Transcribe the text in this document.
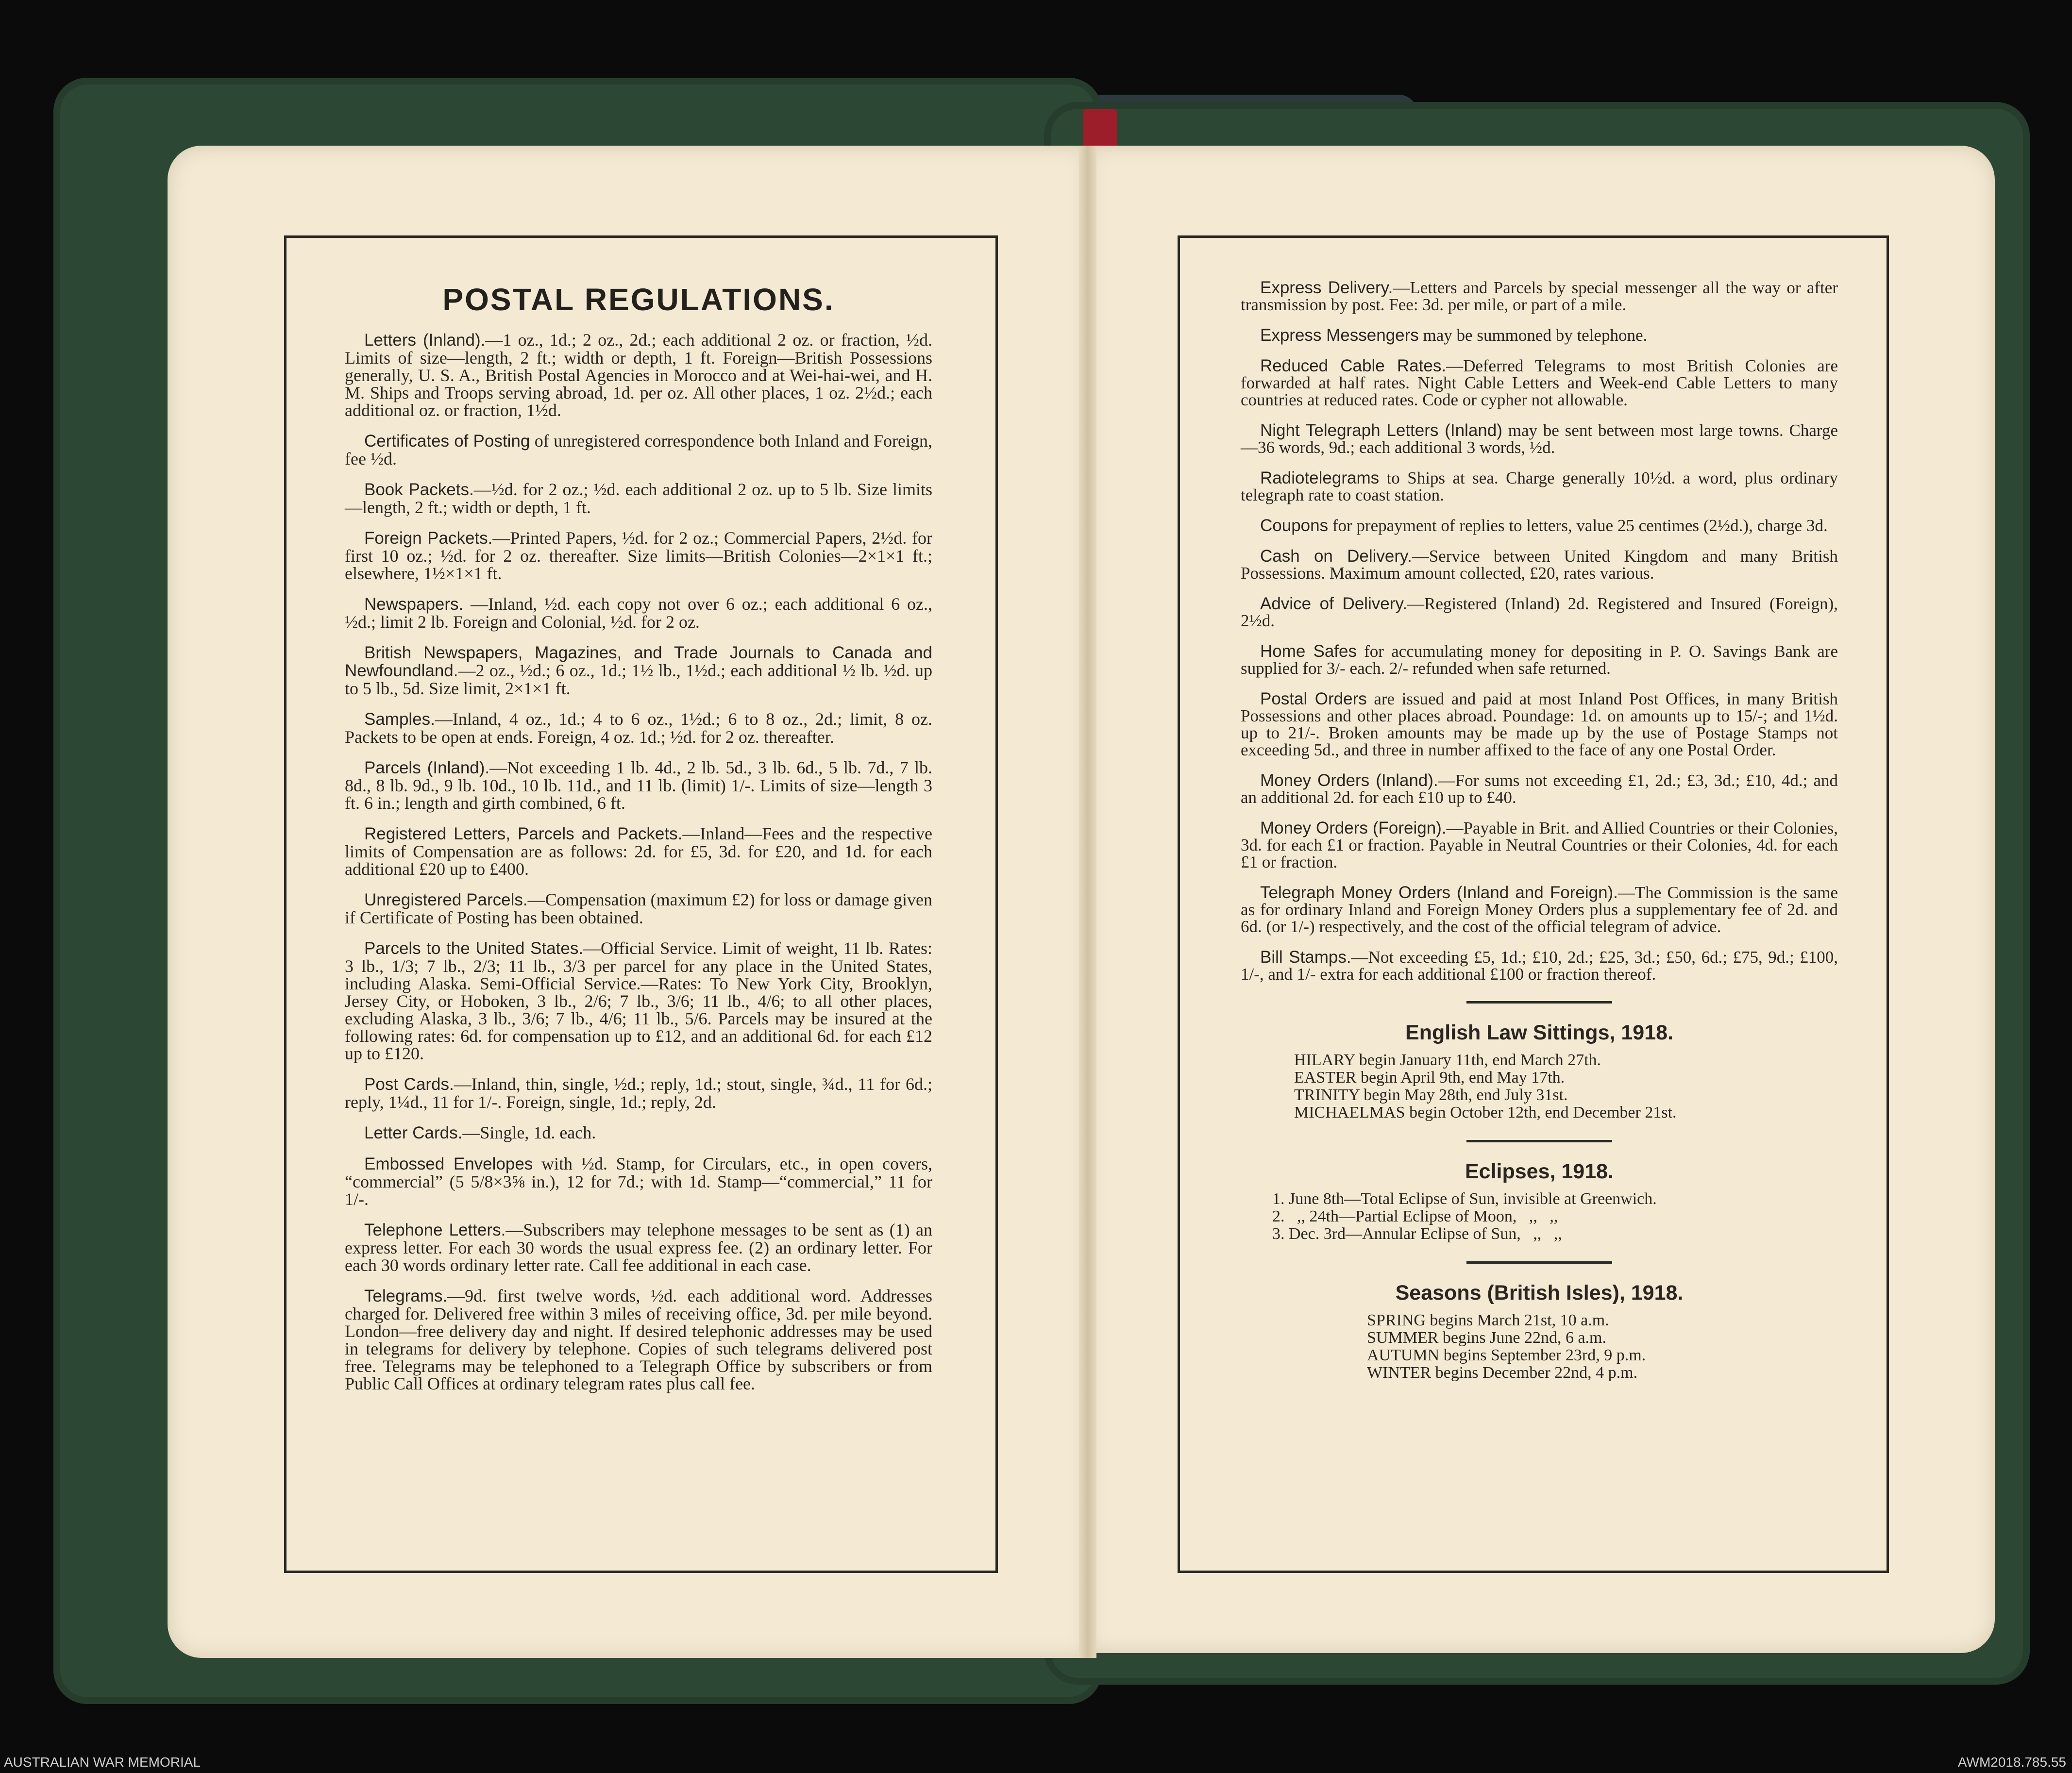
POSTAL REGULATIONS.

Letters (Inland).—1 oz., 1d.; 2 oz., 2d.; each additional 2 oz. or fraction, ½d. Limits of size—length, 2 ft.; width or depth, 1 ft. Foreign—British Possessions generally, U. S. A., British Postal Agencies in Morocco and at Wei-hai-wei, and H. M. Ships and Troops serving abroad, 1d. per oz. All other places, 1 oz. 2½d.; each additional oz. or fraction, 1½d.

Certificates of Posting of unregistered correspondence both Inland and Foreign, fee ½d.

Book Packets.—½d. for 2 oz.; ½d. each additional 2 oz. up to 5 lb. Size limits—length, 2 ft.; width or depth, 1 ft.

Foreign Packets.—Printed Papers, ½d. for 2 oz.; Commercial Papers, 2½d. for first 10 oz.; ½d. for 2 oz. thereafter. Size limits—British Colonies—2×1×1 ft.; elsewhere, 1½×1×1 ft.

Newspapers. —Inland, ½d. each copy not over 6 oz.; each additional 6 oz., ½d.; limit 2 lb. Foreign and Colonial, ½d. for 2 oz.

British Newspapers, Magazines, and Trade Journals to Canada and Newfoundland.—2 oz., ½d.; 6 oz., 1d.; 1½ lb., 1½d.; each additional ½ lb. ½d. up to 5 lb., 5d. Size limit, 2×1×1 ft.

Samples.—Inland, 4 oz., 1d.; 4 to 6 oz., 1½d.; 6 to 8 oz., 2d.; limit, 8 oz. Packets to be open at ends. Foreign, 4 oz. 1d.; ½d. for 2 oz. thereafter.

Parcels (Inland).—Not exceeding 1 lb. 4d., 2 lb. 5d., 3 lb. 6d., 5 lb. 7d., 7 lb. 8d., 8 lb. 9d., 9 lb. 10d., 10 lb. 11d., and 11 lb. (limit) 1/-. Limits of size—length 3 ft. 6 in.; length and girth combined, 6 ft.

Registered Letters, Parcels and Packets.—Inland—Fees and the respective limits of Compensation are as follows: 2d. for £5, 3d. for £20, and 1d. for each additional £20 up to £400.

Unregistered Parcels.—Compensation (maximum £2) for loss or damage given if Certificate of Posting has been obtained.

Parcels to the United States.—Official Service. Limit of weight, 11 lb. Rates: 3 lb., 1/3; 7 lb., 2/3; 11 lb., 3/3 per parcel for any place in the United States, including Alaska. Semi-Official Service.—Rates: To New York City, Brooklyn, Jersey City, or Hoboken, 3 lb., 2/6; 7 lb., 3/6; 11 lb., 4/6; to all other places, excluding Alaska, 3 lb., 3/6; 7 lb., 4/6; 11 lb., 5/6. Parcels may be insured at the following rates: 6d. for compensation up to £12, and an additional 6d. for each £12 up to £120.

Post Cards.—Inland, thin, single, ½d.; reply, 1d.; stout, single, ¾d., 11 for 6d.; reply, 1¼d., 11 for 1/-. Foreign, single, 1d.; reply, 2d.

Letter Cards.—Single, 1d. each.

Embossed Envelopes with ½d. Stamp, for Circulars, etc., in open covers, “commercial” (5 5/8×3⅝ in.), 12 for 7d.; with 1d. Stamp—“commercial,” 11 for 1/-.

Telephone Letters.—Subscribers may telephone messages to be sent as (1) an express letter. For each 30 words the usual express fee. (2) an ordinary letter. For each 30 words ordinary letter rate. Call fee additional in each case.

Telegrams.—9d. first twelve words, ½d. each additional word. Addresses charged for. Delivered free within 3 miles of receiving office, 3d. per mile beyond. London—free delivery day and night. If desired telephonic addresses may be used in telegrams for delivery by telephone. Copies of such telegrams delivered post free. Telegrams may be telephoned to a Telegraph Office by subscribers or from Public Call Offices at ordinary telegram rates plus call fee.

Express Delivery.—Letters and Parcels by special messenger all the way or after transmission by post. Fee: 3d. per mile, or part of a mile.

Express Messengers may be summoned by telephone.

Reduced Cable Rates.—Deferred Telegrams to most British Colonies are forwarded at half rates. Night Cable Letters and Week-end Cable Letters to many countries at reduced rates. Code or cypher not allowable.

Night Telegraph Letters (Inland) may be sent between most large towns. Charge—36 words, 9d.; each additional 3 words, ½d.

Radiotelegrams to Ships at sea. Charge generally 10½d. a word, plus ordinary telegraph rate to coast station.

Coupons for prepayment of replies to letters, value 25 centimes (2½d.), charge 3d.

Cash on Delivery.—Service between United Kingdom and many British Possessions. Maximum amount collected, £20, rates various.

Advice of Delivery.—Registered (Inland) 2d. Registered and Insured (Foreign), 2½d.

Home Safes for accumulating money for depositing in P. O. Savings Bank are supplied for 3/- each. 2/- refunded when safe returned.

Postal Orders are issued and paid at most Inland Post Offices, in many British Possessions and other places abroad. Poundage: 1d. on amounts up to 15/-; and 1½d. up to 21/-. Broken amounts may be made up by the use of Postage Stamps not exceeding 5d., and three in number affixed to the face of any one Postal Order.

Money Orders (Inland).—For sums not exceeding £1, 2d.; £3, 3d.; £10, 4d.; and an additional 2d. for each £10 up to £40.

Money Orders (Foreign).—Payable in Brit. and Allied Countries or their Colonies, 3d. for each £1 or fraction. Payable in Neutral Countries or their Colonies, 4d. for each £1 or fraction.

Telegraph Money Orders (Inland and Foreign).—The Commission is the same as for ordinary Inland and Foreign Money Orders plus a supplementary fee of 2d. and 6d. (or 1/-) respectively, and the cost of the official telegram of advice.

Bill Stamps.—Not exceeding £5, 1d.; £10, 2d.; £25, 3d.; £50, 6d.; £75, 9d.; £100, 1/-, and 1/- extra for each additional £100 or fraction thereof.

English Law Sittings, 1918.

HILARY begin January 11th, end March 27th.

EASTER begin April 9th, end May 17th.

TRINITY begin May 28th, end July 31st.

MICHAELMAS begin October 12th, end December 21st.

Eclipses, 1918.

1. June 8th—Total Eclipse of Sun, invisible at Greenwich.

2.   ,, 24th—Partial Eclipse of Moon,   ,,   ,,

3. Dec. 3rd—Annular Eclipse of Sun,   ,,   ,,

Seasons (British Isles), 1918.

SPRING begins March 21st, 10 a.m.

SUMMER begins June 22nd, 6 a.m.

AUTUMN begins September 23rd, 9 p.m.

WINTER begins December 22nd, 4 p.m.

AUSTRALIAN WAR MEMORIAL	AWM2018.785.55
